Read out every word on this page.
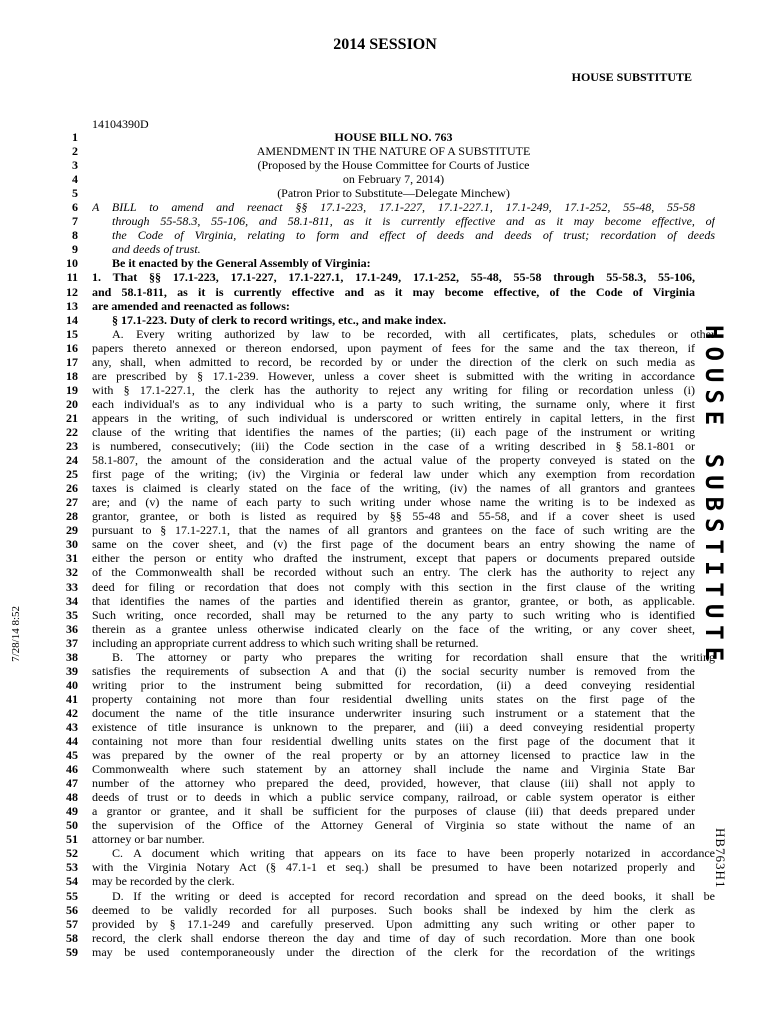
2014 SESSION
HOUSE SUBSTITUTE
14104390D
1	HOUSE BILL NO. 763
2	AMENDMENT IN THE NATURE OF A SUBSTITUTE
3	(Proposed by the House Committee for Courts of Justice
4	on February 7, 2014)
5	(Patron Prior to Substitute—Delegate Minchew)
6 A BILL to amend and reenact §§ 17.1-223, 17.1-227, 17.1-227.1, 17.1-249, 17.1-252, 55-48, 55-58
7	through 55-58.3, 55-106, and 58.1-811, as it is currently effective and as it may become effective, of
8	the Code of Virginia, relating to form and effect of deeds and deeds of trust; recordation of deeds
9	and deeds of trust.
10	Be it enacted by the General Assembly of Virginia:
11 1. That §§ 17.1-223, 17.1-227, 17.1-227.1, 17.1-249, 17.1-252, 55-48, 55-58 through 55-58.3, 55-106,
12 and 58.1-811, as it is currently effective and as it may become effective, of the Code of Virginia
13 are amended and reenacted as follows:
14	§ 17.1-223. Duty of clerk to record writings, etc., and make index.
15	A. Every writing authorized by law to be recorded, with all certificates, plats, schedules or other
16 papers thereto annexed or thereon endorsed, upon payment of fees for the same and the tax thereon, if
17 any, shall, when admitted to record, be recorded by or under the direction of the clerk on such media as
18 are prescribed by § 17.1-239. However, unless a cover sheet is submitted with the writing in accordance
19 with § 17.1-227.1, the clerk has the authority to reject any writing for filing or recordation unless (i)
20 each individual's as to any individual who is a party to such writing, the surname only, where it first
21 appears in the writing, of such individual is underscored or written entirely in capital letters, in the first
22 clause of the writing that identifies the names of the parties; (ii) each page of the instrument or writing
23 is numbered, consecutively; (iii) the Code section in the case of a writing described in § 58.1-801 or
24 58.1-807, the amount of the consideration and the actual value of the property conveyed is stated on the
25 first page of the writing; (iv) the Virginia or federal law under which any exemption from recordation
26 taxes is claimed is clearly stated on the face of the writing, (iv) the names of all grantors and grantees
27 are; and (v) the name of each party to such writing under whose name the writing is to be indexed as
28 grantor, grantee, or both is listed as required by §§ 55-48 and 55-58, and if a cover sheet is used
29 pursuant to § 17.1-227.1, that the names of all grantors and grantees on the face of such writing are the
30 same on the cover sheet, and (v) the first page of the document bears an entry showing the name of
31 either the person or entity who drafted the instrument, except that papers or documents prepared outside
32 of the Commonwealth shall be recorded without such an entry. The clerk has the authority to reject any
33 deed for filing or recordation that does not comply with this section in the first clause of the writing
34 that identifies the names of the parties and identified therein as grantor, grantee, or both, as applicable.
35 Such writing, once recorded, shall may be returned to the any party to such writing who is identified
36 therein as a grantee unless otherwise indicated clearly on the face of the writing, or any cover sheet,
37 including an appropriate current address to which such writing shall be returned.
38	B. The attorney or party who prepares the writing for recordation shall ensure that the writing
39 satisfies the requirements of subsection A and that (i) the social security number is removed from the
40 writing prior to the instrument being submitted for recordation, (ii) a deed conveying residential
41 property containing not more than four residential dwelling units states on the first page of the
42 document the name of the title insurance underwriter insuring such instrument or a statement that the
43 existence of title insurance is unknown to the preparer, and (iii) a deed conveying residential property
44 containing not more than four residential dwelling units states on the first page of the document that it
45 was prepared by the owner of the real property or by an attorney licensed to practice law in the
46 Commonwealth where such statement by an attorney shall include the name and Virginia State Bar
47 number of the attorney who prepared the deed, provided, however, that clause (iii) shall not apply to
48 deeds of trust or to deeds in which a public service company, railroad, or cable system operator is either
49 a grantor or grantee, and it shall be sufficient for the purposes of clause (iii) that deeds prepared under
50 the supervision of the Office of the Attorney General of Virginia so state without the name of an
51 attorney or bar number.
52	C. A document which writing that appears on its face to have been properly notarized in accordance
53 with the Virginia Notary Act (§ 47.1-1 et seq.) shall be presumed to have been notarized properly and
54 may be recorded by the clerk.
55	D. If the writing or deed is accepted for record recordation and spread on the deed books, it shall be
56 deemed to be validly recorded for all purposes. Such books shall be indexed by him the clerk as
57 provided by § 17.1-249 and carefully preserved. Upon admitting any such writing or other paper to
58 record, the clerk shall endorse thereon the day and time of day of such recordation. More than one book
59 may be used contemporaneously under the direction of the clerk for the recordation of the writings
HOUSE SUBSTITUTE
HB763H1
7/28/14 8:52
